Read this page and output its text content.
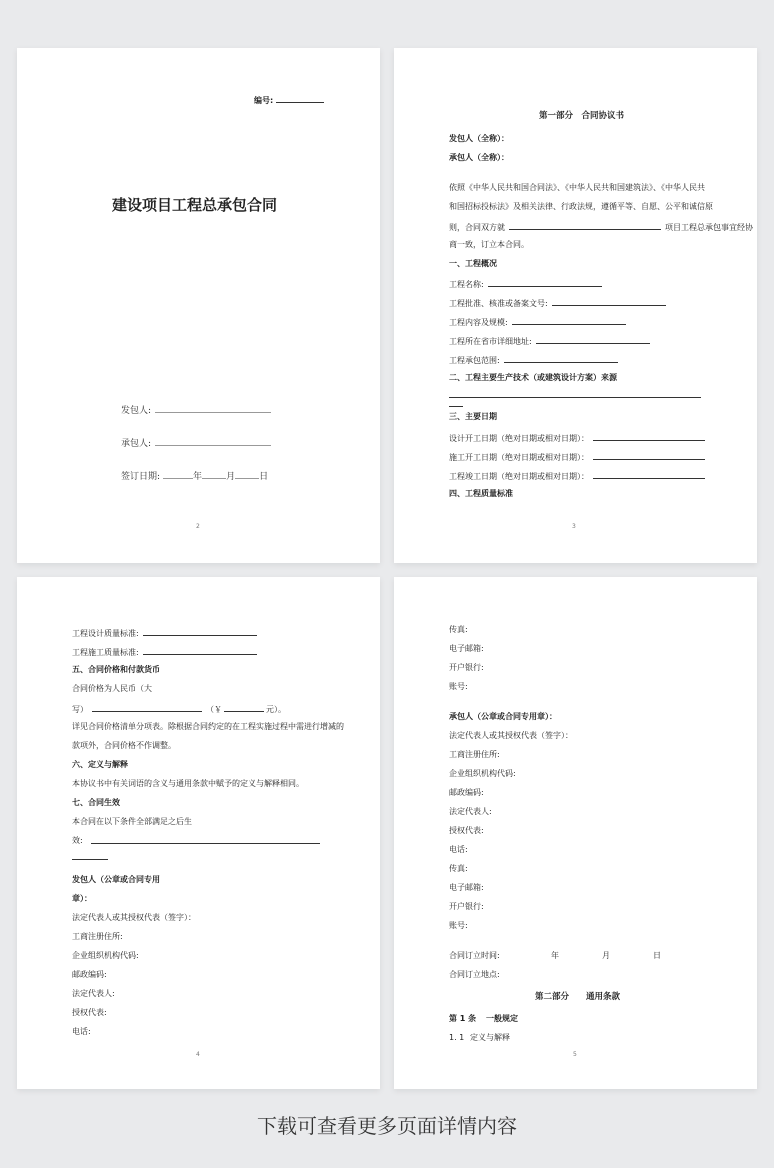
编号:
建设项目工程总承包合同
发包人:
承包人:
签订日期:	年	月	日
2
第一部分　合同协议书
发包人（全称）：
承包人（全称）：
依照《中华人民共和国合同法》、《中华人民共和国建筑法》、《中华人民共
和国招标投标法》及相关法律、行政法规，遵循平等、自愿、公平和诚信原
则，合同双方就	项目工程总承包事宜经协
商一致，订立本合同。
一、工程概况
工程名称:
工程批准、核准或备案文号:
工程内容及规模:
工程所在省市详细地址:
工程承包范围:
二、工程主要生产技术（或建筑设计方案）来源
三、主要日期
设计开工日期（绝对日期或相对日期）：
施工开工日期（绝对日期或相对日期）：
工程竣工日期（绝对日期或相对日期）：
四、工程质量标准
3
工程设计质量标准:
工程施工质量标准:
五、合同价格和付款货币
合同价格为人民币（大
写）	（￥	元）。
详见合同价格清单分项表。除根据合同约定的在工程实施过程中需进行增减的
款项外，合同价格不作调整。
六、定义与解释
本协议书中有关词语的含义与通用条款中赋予的定义与解释相同。
七、合同生效
本合同在以下条件全部满足之后生
效:
发包人（公章或合同专用
章）：
法定代表人或其授权代表（签字）：
工商注册住所:
企业组织机构代码:
邮政编码:
法定代表人:
授权代表:
电话:
4
传真:
电子邮箱:
开户银行:
账号:
承包人（公章或合同专用章）：
法定代表人或其授权代表（签字）：
工商注册住所:
企业组织机构代码:
邮政编码:
法定代表人:
授权代表:
电话:
传真:
电子邮箱:
开户银行:
账号:
合同订立时间:	年	月	日
合同订立地点:
第二部分　　通用条款
第 1 条 一般规定
1. 1 定义与解释
5
下载可查看更多页面详情内容
